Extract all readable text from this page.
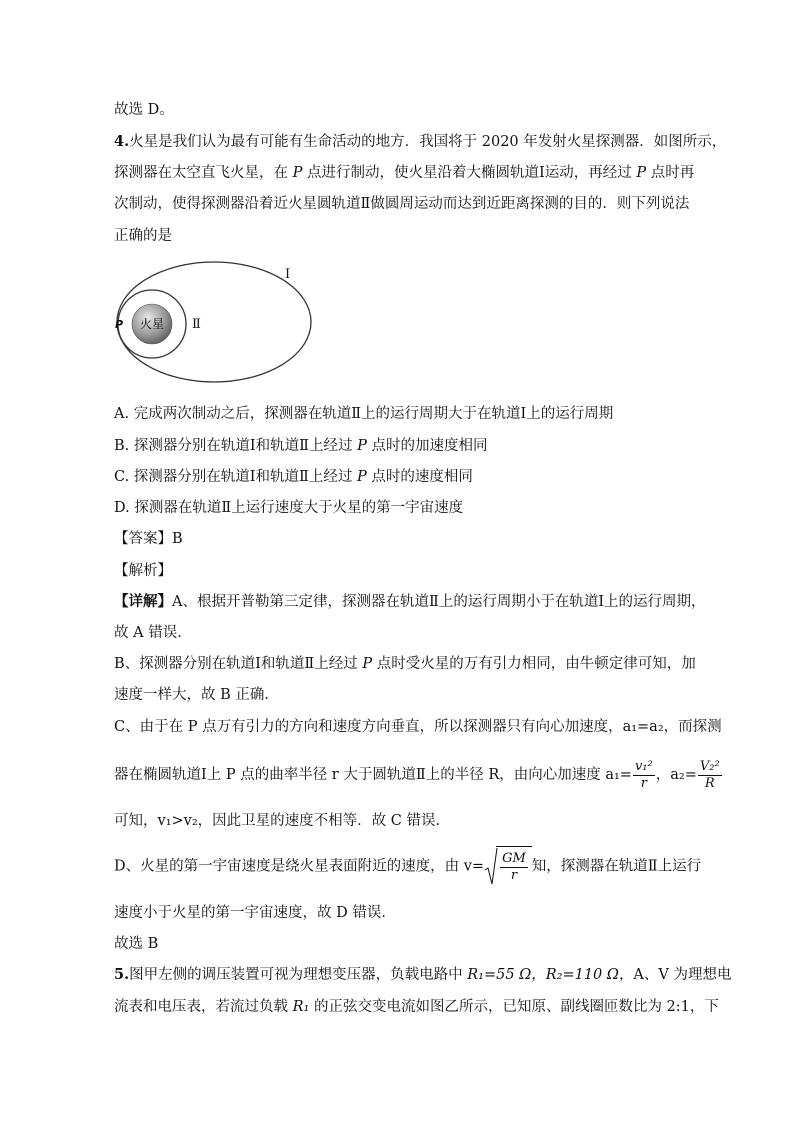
故选 D。
4.火星是我们认为最有可能有生命活动的地方．我国将于 2020 年发射火星探测器．如图所示，
探测器在太空直飞火星，在 P 点进行制动，使火星沿着大椭圆轨道Ⅰ运动，再经过 P 点时再
次制动，使得探测器沿着近火星圆轨道Ⅱ做圆周运动而达到近距离探测的目的．则下列说法
正确的是
火星
P	Ⅱ
Ⅰ
A. 完成两次制动之后，探测器在轨道Ⅱ上的运行周期大于在轨道Ⅰ上的运行周期
B. 探测器分别在轨道Ⅰ和轨道Ⅱ上经过 P 点时的加速度相同
C. 探测器分别在轨道Ⅰ和轨道Ⅱ上经过 P 点时的速度相同
D. 探测器在轨道Ⅱ上运行速度大于火星的第一宇宙速度
【答案】B
【解析】
【详解】A、根据开普勒第三定律，探测器在轨道Ⅱ上的运行周期小于在轨道Ⅰ上的运行周期，
故 A 错误．
B、探测器分别在轨道Ⅰ和轨道Ⅱ上经过 P 点时受火星的万有引力相同，由牛顿定律可知，加
速度一样大，故 B 正确．
C、由于在 P 点万有引力的方向和速度方向垂直，所以探测器只有向心加速度，a₁=a₂，而探测
器在椭圆轨道Ⅰ上 P 点的曲率半径 r 大于圆轨道Ⅱ上的半径 R，由向心加速度 $a_1= \frac{\text{v₁²}}{r}$ ，$a_2= \frac{\text{V₂²}}{R}$
可知，v₁>v₂，因此卫星的速度不相等．故 C 错误．
D、火星的第一宇宙速度是绕火星表面附近的速度，由 $v= \frac{GM}{r}$ 知，探测器在轨道Ⅱ上运行
速度小于火星的第一宇宙速度，故 D 错误．
故选 B
5.图甲左侧的调压装置可视为理想变压器，负载电路中 R₁=55 Ω，R₂=110 Ω，A、V 为理想电
流表和电压表，若流过负载 R₁ 的正弦交变电流如图乙所示，已知原、副线圈匝数比为 2:1，下
